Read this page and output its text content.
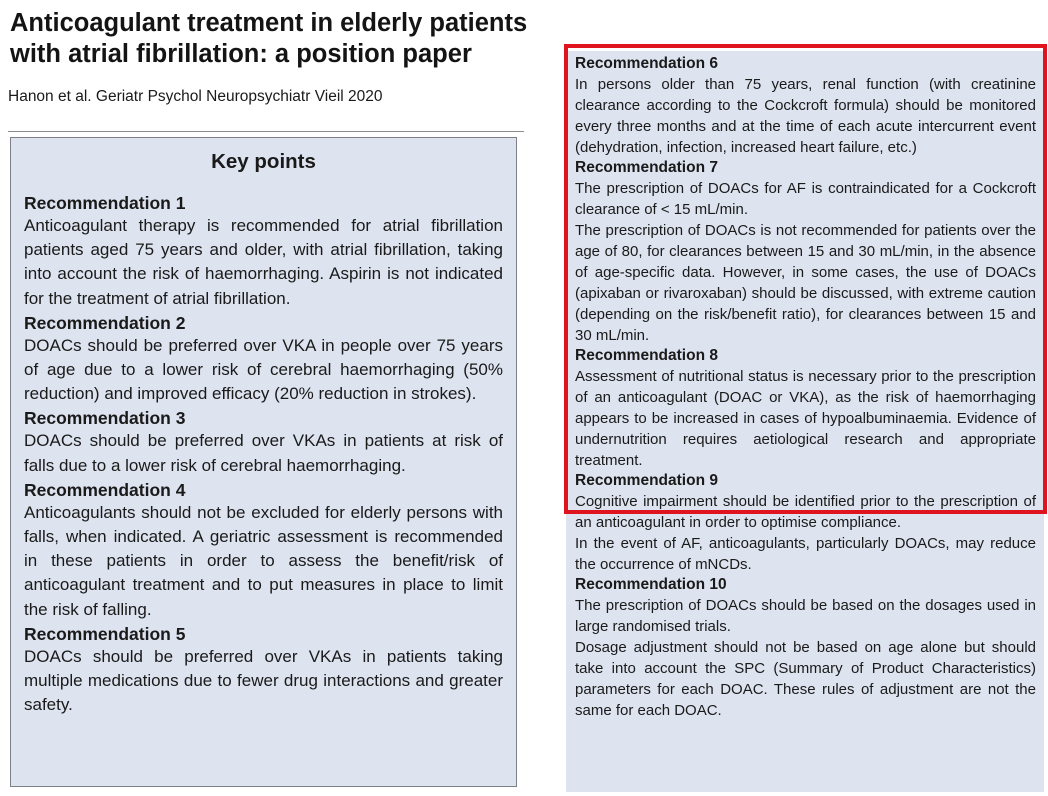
Anticoagulant treatment in elderly patients with atrial fibrillation: a position paper
Hanon et al. Geriatr Psychol Neuropsychiatr Vieil 2020
Key points
Recommendation 1
Anticoagulant therapy is recommended for atrial fibrillation patients aged 75 years and older, with atrial fibrillation, taking into account the risk of haemorrhaging. Aspirin is not indicated for the treatment of atrial fibrillation.
Recommendation 2
DOACs should be preferred over VKA in people over 75 years of age due to a lower risk of cerebral haemorrhaging (50% reduction) and improved efficacy (20% reduction in strokes).
Recommendation 3
DOACs should be preferred over VKAs in patients at risk of falls due to a lower risk of cerebral haemorrhaging.
Recommendation 4
Anticoagulants should not be excluded for elderly persons with falls, when indicated. A geriatric assessment is recommended in these patients in order to assess the benefit/risk of anticoagulant treatment and to put measures in place to limit the risk of falling.
Recommendation 5
DOACs should be preferred over VKAs in patients taking multiple medications due to fewer drug interactions and greater safety.
Recommendation 6
In persons older than 75 years, renal function (with creatinine clearance according to the Cockcroft formula) should be monitored every three months and at the time of each acute intercurrent event (dehydration, infection, increased heart failure, etc.)
Recommendation 7
The prescription of DOACs for AF is contraindicated for a Cockcroft clearance of < 15 mL/min.
The prescription of DOACs is not recommended for patients over the age of 80, for clearances between 15 and 30 mL/min, in the absence of age-specific data. However, in some cases, the use of DOACs (apixaban or rivaroxaban) should be discussed, with extreme caution (depending on the risk/benefit ratio), for clearances between 15 and 30 mL/min.
Recommendation 8
Assessment of nutritional status is necessary prior to the prescription of an anticoagulant (DOAC or VKA), as the risk of haemorrhaging appears to be increased in cases of hypoalbuminaemia. Evidence of undernutrition requires aetiological research and appropriate treatment.
Recommendation 9
Cognitive impairment should be identified prior to the prescription of an anticoagulant in order to optimise compliance.
In the event of AF, anticoagulants, particularly DOACs, may reduce the occurrence of mNCDs.
Recommendation 10
The prescription of DOACs should be based on the dosages used in large randomised trials.
Dosage adjustment should not be based on age alone but should take into account the SPC (Summary of Product Characteristics) parameters for each DOAC. These rules of adjustment are not the same for each DOAC.
